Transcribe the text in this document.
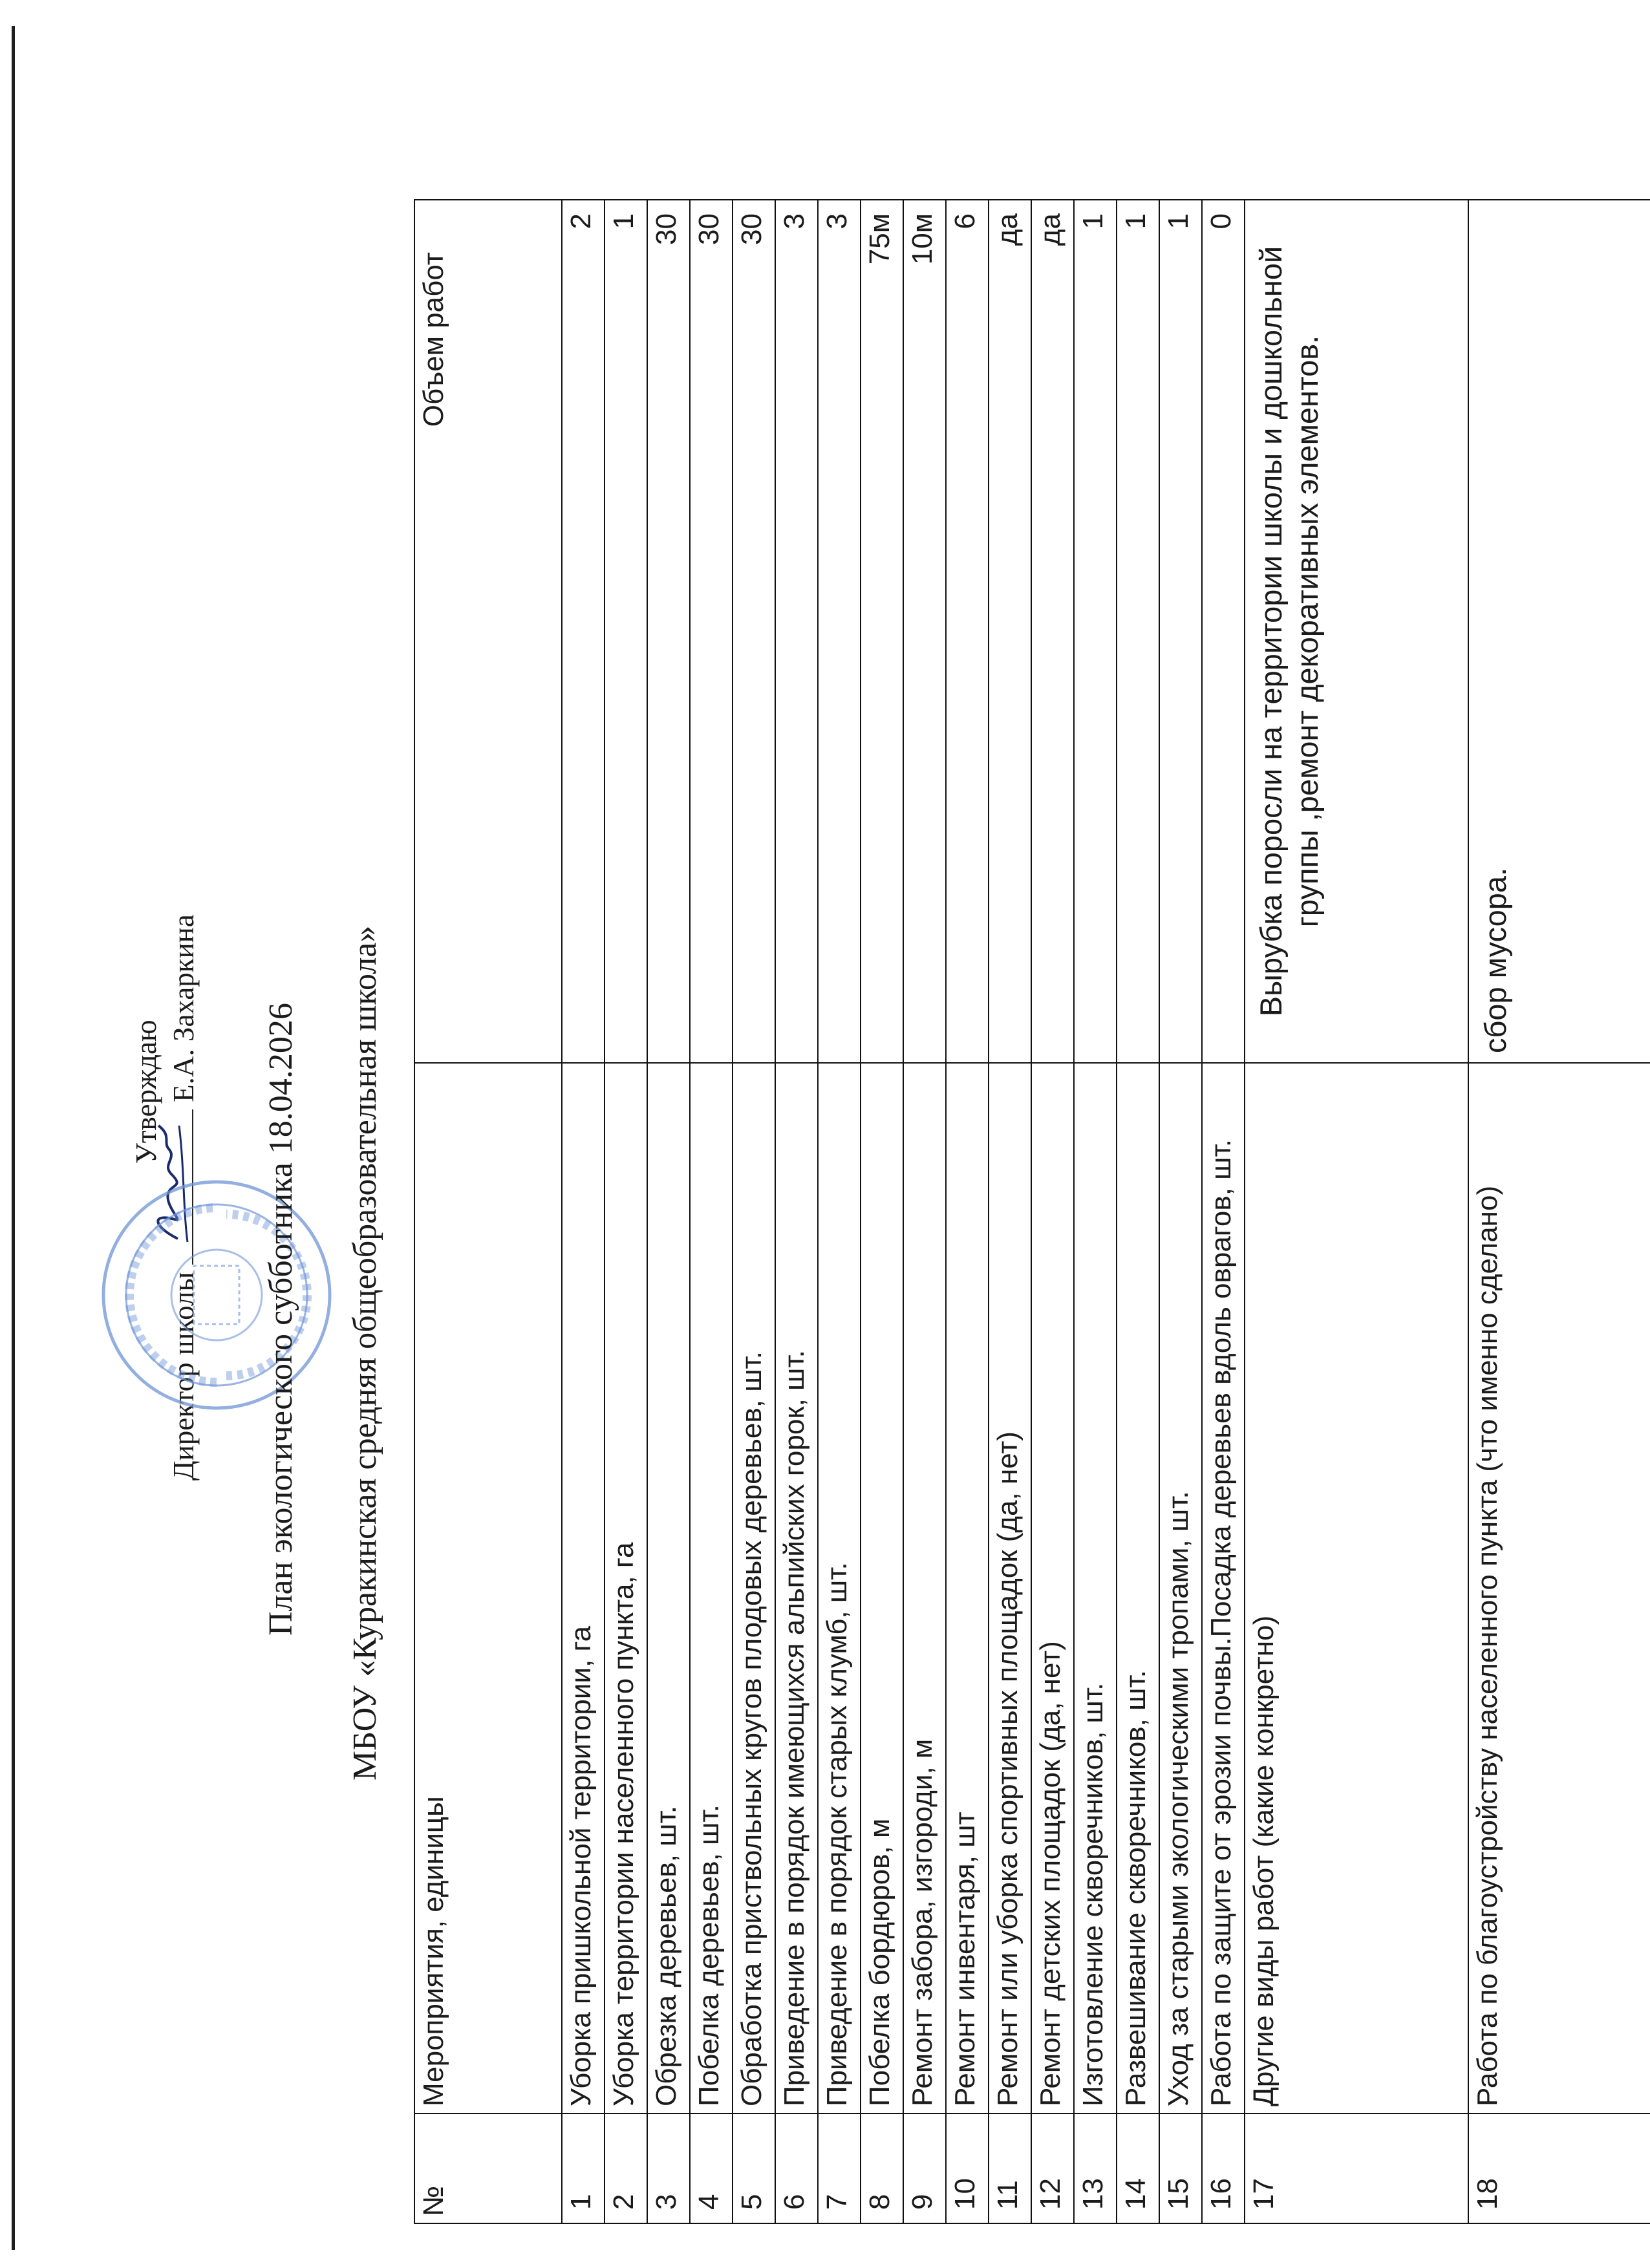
Утверждаю
Директор школы
Е.А. Захаркина План экологического субботника 18.04.2026 МБОУ «Куракинская средняя общеобразовательная школа»
№	Мероприятия, единицы	Объем работ
1	Уборка пришкольной территории, га	2
2	Уборка территории населенного пункта, га	1
3	Обрезка деревьев, шт.	30
4	Побелка деревьев, шт.	30
5	Обработка приствольных кругов плодовых деревьев, шт.	30
6	Приведение в порядок имеющихся альпийских горок, шт.	3
7	Приведение в порядок старых клумб, шт.	3
8	Побелка бордюров, м	75м
9	Ремонт забора, изгороди, м	10м
10	Ремонт инвентаря, шт	6
11	Ремонт или уборка спортивных площадок (да, нет)	да
12	Ремонт детских площадок (да, нет)	да
13	Изготовление скворечников, шт.	1
14	Развешивание скворечников, шт.	1
15	Уход за старыми экологическими тропами, шт.	1
16	Работа по защите от эрозии почвы.Посадка деревьев вдоль оврагов, шт.	0
17	Другие виды работ (какие конкретно)	Вырубка поросли на территории школы и дошкольной группы ,ремонт декоративных элементов.
18	Работа по благоустройству населенного пункта (что именно сделано)	сбор мусора.
